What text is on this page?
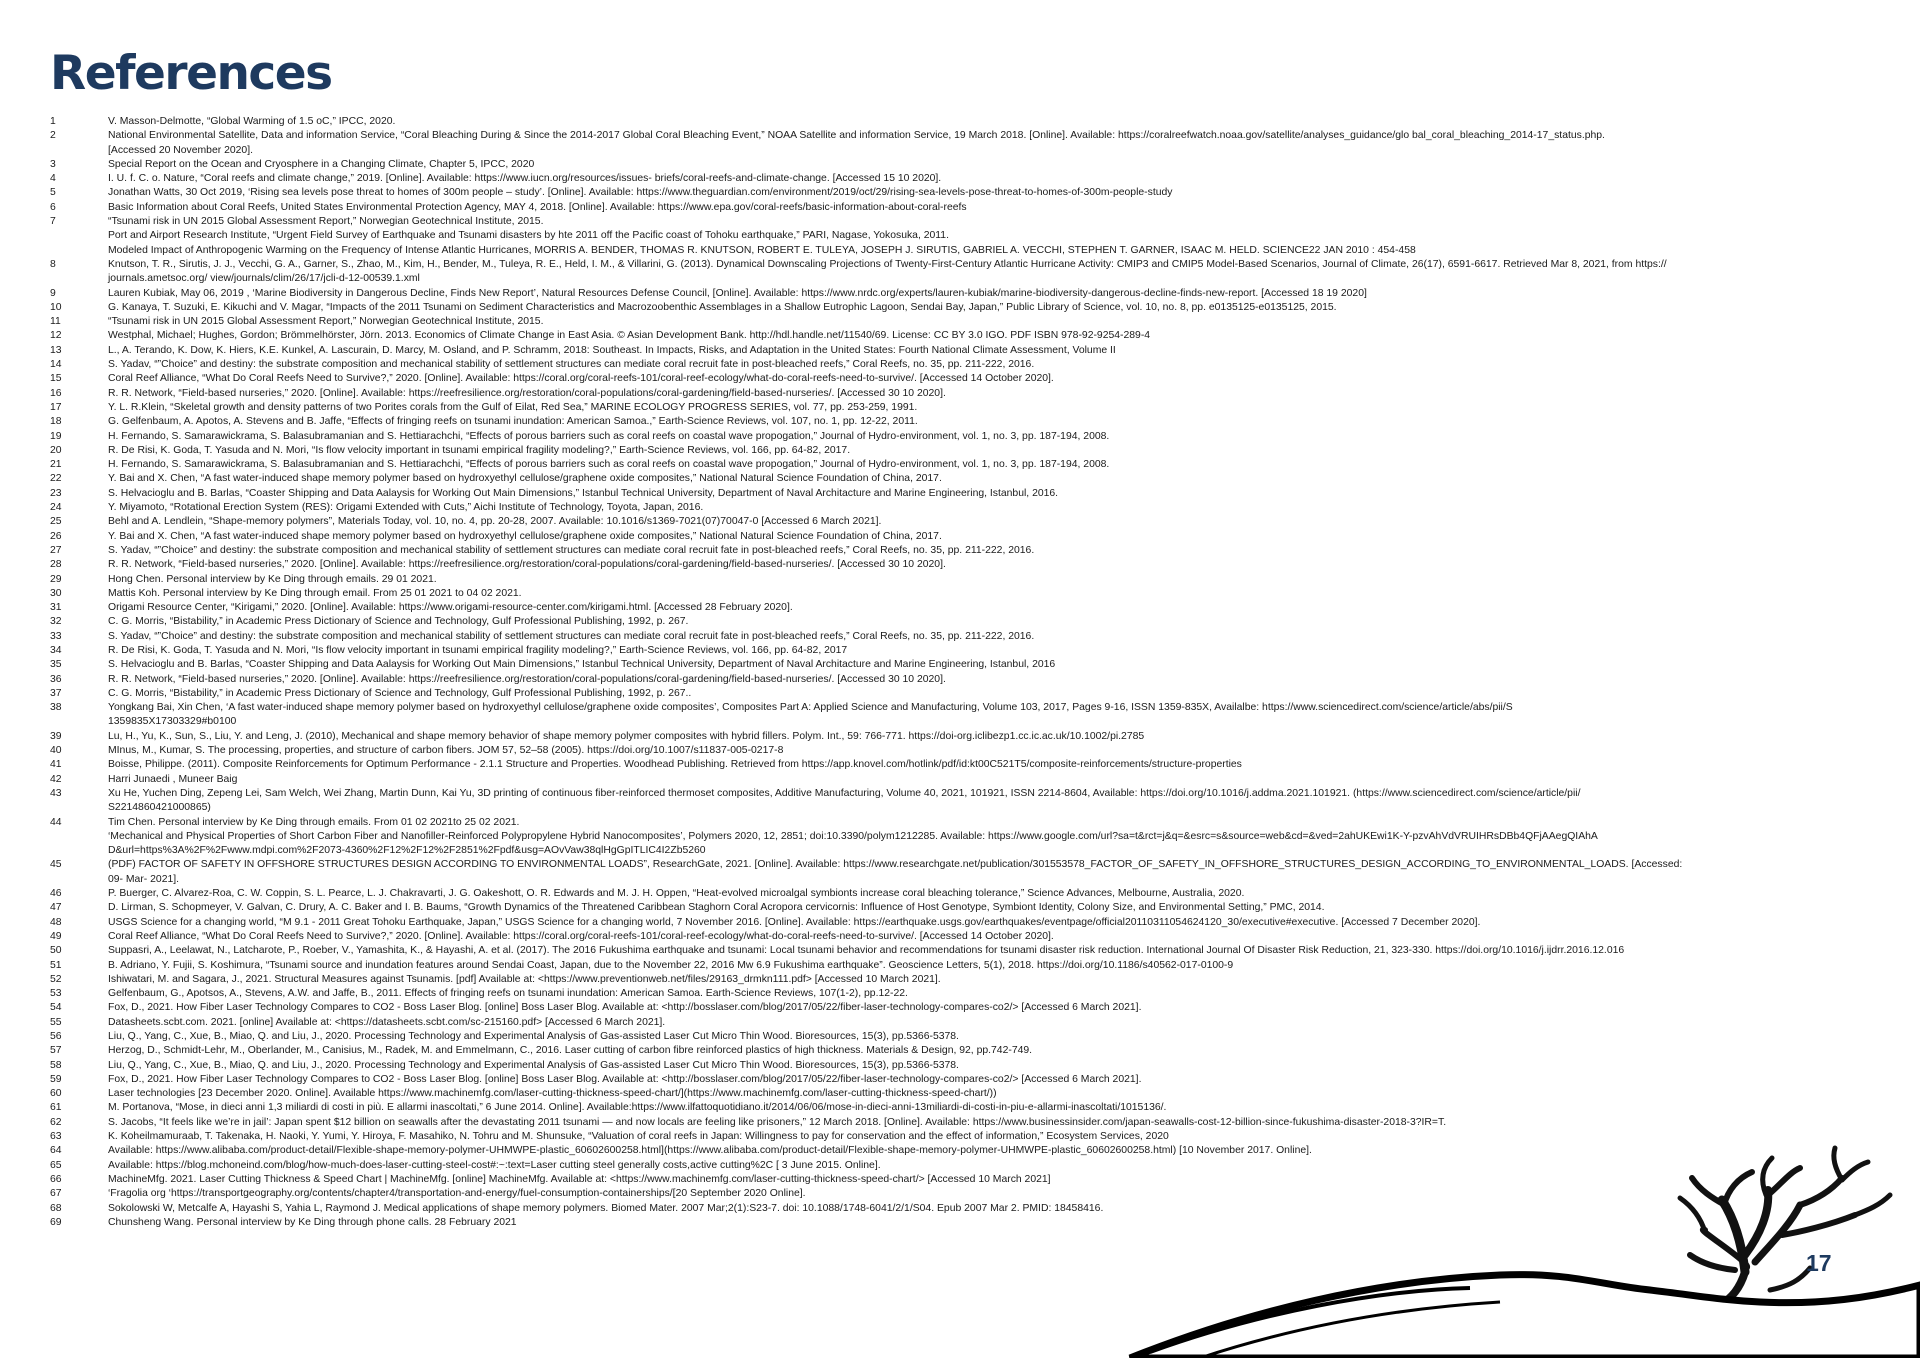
References
1	V. Masson-Delmotte, “Global Warming of 1.5 oC,” IPCC, 2020.
2	National Environmental Satellite, Data and information Service, “Coral Bleaching During & Since the 2014-2017 Global Coral Bleaching Event,” NOAA Satellite and information Service, 19 March 2018. [Online]. Available: https://coralreefwatch.noaa.gov/satellite/analyses_guidance/glo bal_coral_bleaching_2014-17_status.php.
[Accessed 20 November 2020].
3	Special Report on the Ocean and Cryosphere in a Changing Climate, Chapter 5, IPCC, 2020
4	I. U. f. C. o. Nature, “Coral reefs and climate change,” 2019. [Online]. Available: https://www.iucn.org/resources/issues- briefs/coral-reefs-and-climate-change. [Accessed 15 10 2020].
5	Jonathan Watts, 30 Oct 2019, ‘Rising sea levels pose threat to homes of 300m people – study’. [Online]. Available: https://www.theguardian.com/environment/2019/oct/29/rising-sea-levels-pose-threat-to-homes-of-300m-people-study
6	Basic Information about Coral Reefs, United States Environmental Protection Agency, MAY 4, 2018. [Online]. Available: https://www.epa.gov/coral-reefs/basic-information-about-coral-reefs
7	“Tsunami risk in UN 2015 Global Assessment Report,” Norwegian Geotechnical Institute, 2015.
Port and Airport Research Institute, “Urgent Field Survey of Earthquake and Tsunami disasters by hte 2011 off the Pacific coast of Tohoku earthquake,” PARI, Nagase, Yokosuka, 2011.
Modeled Impact of Anthropogenic Warming on the Frequency of Intense Atlantic Hurricanes, MORRIS A. BENDER, THOMAS R. KNUTSON, ROBERT E. TULEYA, JOSEPH J. SIRUTIS, GABRIEL A. VECCHI, STEPHEN T. GARNER, ISAAC M. HELD. SCIENCE22 JAN 2010 : 454-458
8	Knutson, T. R., Sirutis, J. J., Vecchi, G. A., Garner, S., Zhao, M., Kim, H., Bender, M., Tuleya, R. E., Held, I. M., & Villarini, G. (2013). Dynamical Downscaling Projections of Twenty-First-Century Atlantic Hurricane Activity: CMIP3 and CMIP5 Model-Based Scenarios, Journal of Climate, 26(17), 6591-6617. Retrieved Mar 8, 2021, from https://
journals.ametsoc.org/ view/journals/clim/26/17/jcli-d-12-00539.1.xml
9	Lauren Kubiak, May 06, 2019 , ‘Marine Biodiversity in Dangerous Decline, Finds New Report’, Natural Resources Defense Council, [Online]. Available: https://www.nrdc.org/experts/lauren-kubiak/marine-biodiversity-dangerous-decline-finds-new-report. [Accessed 18 19 2020]
10	G. Kanaya, T. Suzuki, E. Kikuchi and V. Magar, “Impacts of the 2011 Tsunami on Sediment Characteristics and Macrozoobenthic Assemblages in a Shallow Eutrophic Lagoon, Sendai Bay, Japan,” Public Library of Science, vol. 10, no. 8, pp. e0135125-e0135125, 2015.
11	“Tsunami risk in UN 2015 Global Assessment Report,” Norwegian Geotechnical Institute, 2015.
12	Westphal, Michael; Hughes, Gordon; Brömmelhörster, Jörn. 2013. Economics of Climate Change in East Asia. © Asian Development Bank. http://hdl.handle.net/11540/69. License: CC BY 3.0 IGO. PDF ISBN 978-92-9254-289-4
13	L., A. Terando, K. Dow, K. Hiers, K.E. Kunkel, A. Lascurain, D. Marcy, M. Osland, and P. Schramm, 2018: Southeast. In Impacts, Risks, and Adaptation in the United States: Fourth National Climate Assessment, Volume II
14	S. Yadav, “”Choice” and destiny: the substrate composition and mechanical stability of settlement structures can mediate coral recruit fate in post-bleached reefs,” Coral Reefs, no. 35, pp. 211-222, 2016.
15	Coral Reef Alliance, “What Do Coral Reefs Need to Survive?,” 2020. [Online]. Available: https://coral.org/coral-reefs-101/coral-reef-ecology/what-do-coral-reefs-need-to-survive/. [Accessed 14 October 2020].
16	R. R. Network, “Field-based nurseries,” 2020. [Online]. Available: https://reefresilience.org/restoration/coral-populations/coral-gardening/field-based-nurseries/. [Accessed 30 10 2020].
17	Y. L. R.Klein, “Skeletal growth and density patterns of two Porites corals from the Gulf of Eilat, Red Sea,” MARINE ECOLOGY PROGRESS SERIES, vol. 77, pp. 253-259, 1991.
18	G. Gelfenbaum, A. Apotos, A. Stevens and B. Jaffe, “Effects of fringing reefs on tsunami inundation: American Samoa.,” Earth-Science Reviews, vol. 107, no. 1, pp. 12-22, 2011.
19	H. Fernando, S. Samarawickrama, S. Balasubramanian and S. Hettiarachchi, “Effects of porous barriers such as coral reefs on coastal wave propogation,” Journal of Hydro-environment, vol. 1, no. 3, pp. 187-194, 2008.
20	R. De Risi, K. Goda, T. Yasuda and N. Mori, “Is flow velocity important in tsunami empirical fragility modeling?,” Earth-Science Reviews, vol. 166, pp. 64-82, 2017.
21	H. Fernando, S. Samarawickrama, S. Balasubramanian and S. Hettiarachchi, “Effects of porous barriers such as coral reefs on coastal wave propogation,” Journal of Hydro-environment, vol. 1, no. 3, pp. 187-194, 2008.
22	Y. Bai and X. Chen, “A fast water-induced shape memory polymer based on hydroxyethyl cellulose/graphene oxide composites,” National Natural Science Foundation of China, 2017.
23	S. Helvacioglu and B. Barlas, “Coaster Shipping and Data Aalaysis for Working Out Main Dimensions,” Istanbul Technical University, Department of Naval Architacture and Marine Engineering, Istanbul, 2016.
24	Y. Miyamoto, “Rotational Erection System (RES): Origami Extended with Cuts,” Aichi Institute of Technology, Toyota, Japan, 2016.
25	Behl and A. Lendlein, “Shape-memory polymers”, Materials Today, vol. 10, no. 4, pp. 20-28, 2007. Available: 10.1016/s1369-7021(07)70047-0 [Accessed 6 March 2021].
26	Y. Bai and X. Chen, “A fast water-induced shape memory polymer based on hydroxyethyl cellulose/graphene oxide composites,” National Natural Science Foundation of China, 2017.
27	S. Yadav, “”Choice” and destiny: the substrate composition and mechanical stability of settlement structures can mediate coral recruit fate in post-bleached reefs,” Coral Reefs, no. 35, pp. 211-222, 2016.
28	R. R. Network, “Field-based nurseries,” 2020. [Online]. Available: https://reefresilience.org/restoration/coral-populations/coral-gardening/field-based-nurseries/. [Accessed 30 10 2020].
29	Hong Chen. Personal interview by Ke Ding through emails. 29 01 2021.
30	Mattis Koh. Personal interview by Ke Ding through email. From 25 01 2021 to 04 02 2021.
31	Origami Resource Center, “Kirigami,” 2020. [Online]. Available: https://www.origami-resource-center.com/kirigami.html. [Accessed 28 February 2020].
32	C. G. Morris, “Bistability,” in Academic Press Dictionary of Science and Technology, Gulf Professional Publishing, 1992, p. 267.
33	S. Yadav, “”Choice” and destiny: the substrate composition and mechanical stability of settlement structures can mediate coral recruit fate in post-bleached reefs,” Coral Reefs, no. 35, pp. 211-222, 2016.
34	R. De Risi, K. Goda, T. Yasuda and N. Mori, “Is flow velocity important in tsunami empirical fragility modeling?,” Earth-Science Reviews, vol. 166, pp. 64-82, 2017
35	S. Helvacioglu and B. Barlas, “Coaster Shipping and Data Aalaysis for Working Out Main Dimensions,” Istanbul Technical University, Department of Naval Architacture and Marine Engineering, Istanbul, 2016
36	R. R. Network, “Field-based nurseries,” 2020. [Online]. Available: https://reefresilience.org/restoration/coral-populations/coral-gardening/field-based-nurseries/. [Accessed 30 10 2020].
37	C. G. Morris, “Bistability,” in Academic Press Dictionary of Science and Technology, Gulf Professional Publishing, 1992, p. 267..
38	Yongkang Bai, Xin Chen, ‘A fast water-induced shape memory polymer based on hydroxyethyl cellulose/graphene oxide composites’, Composites Part A: Applied Science and Manufacturing, Volume 103, 2017, Pages 9-16, ISSN 1359-835X, Availalbe: https://www.sciencedirect.com/science/article/abs/pii/S
1359835X17303329#b0100
39	Lu, H., Yu, K., Sun, S., Liu, Y. and Leng, J. (2010), Mechanical and shape memory behavior of shape memory polymer composites with hybrid fillers. Polym. Int., 59: 766-771. https://doi-org.iclibezp1.cc.ic.ac.uk/10.1002/pi.2785
40	MInus, M., Kumar, S. The processing, properties, and structure of carbon fibers. JOM 57, 52–58 (2005). https://doi.org/10.1007/s11837-005-0217-8
41	Boisse, Philippe. (2011). Composite Reinforcements for Optimum Performance - 2.1.1 Structure and Properties. Woodhead Publishing. Retrieved from https://app.knovel.com/hotlink/pdf/id:kt00C521T5/composite-reinforcements/structure-properties
42	Harri Junaedi , Muneer Baig
43	Xu He, Yuchen Ding, Zepeng Lei, Sam Welch, Wei Zhang, Martin Dunn, Kai Yu, 3D printing of continuous fiber-reinforced thermoset composites, Additive Manufacturing, Volume 40, 2021, 101921, ISSN 2214-8604, Available: https://doi.org/10.1016/j.addma.2021.101921. (https://www.sciencedirect.com/science/article/pii/
S2214860421000865)
44	Tim Chen. Personal interview by Ke Ding through emails. From 01 02 2021to 25 02 2021.
‘Mechanical and Physical Properties of Short Carbon Fiber and Nanofiller-Reinforced Polypropylene Hybrid Nanocomposites’, Polymers 2020, 12, 2851; doi:10.3390/polym1212285. Available: https://www.google.com/url?sa=t&rct=j&q=&esrc=s&source=web&cd=&ved=2ahUKEwi1K-Y-pzvAhVdVRUIHRsDBb4QFjAAegQIAhA
D&url=https%3A%2F%2Fwww.mdpi.com%2F2073-4360%2F12%2F12%2F2851%2Fpdf&usg=AOvVaw38qlHgGpITLIC4I2Zb5260
45	(PDF) FACTOR OF SAFETY IN OFFSHORE STRUCTURES DESIGN ACCORDING TO ENVIRONMENTAL LOADS”, ResearchGate, 2021. [Online]. Available: https://www.researchgate.net/publication/301553578_FACTOR_OF_SAFETY_IN_OFFSHORE_STRUCTURES_DESIGN_ACCORDING_TO_ENVIRONMENTAL_LOADS. [Accessed:
09- Mar- 2021].
46	P. Buerger, C. Alvarez-Roa, C. W. Coppin, S. L. Pearce, L. J. Chakravarti, J. G. Oakeshott, O. R. Edwards and M. J. H. Oppen, “Heat-evolved microalgal symbionts increase coral bleaching tolerance,” Science Advances, Melbourne, Australia, 2020.
47	D. Lirman, S. Schopmeyer, V. Galvan, C. Drury, A. C. Baker and I. B. Baums, “Growth Dynamics of the Threatened Caribbean Staghorn Coral Acropora cervicornis: Influence of Host Genotype, Symbiont Identity, Colony Size, and Environmental Setting,” PMC, 2014.
48	USGS Science for a changing world, “M 9.1 - 2011 Great Tohoku Earthquake, Japan,” USGS Science for a changing world, 7 November 2016. [Online]. Available: https://earthquake.usgs.gov/earthquakes/eventpage/official20110311054624120_30/executive#executive. [Accessed 7 December 2020].
49	Coral Reef Alliance, “What Do Coral Reefs Need to Survive?,” 2020. [Online]. Available: https://coral.org/coral-reefs-101/coral-reef-ecology/what-do-coral-reefs-need-to-survive/. [Accessed 14 October 2020].
50	Suppasri, A., Leelawat, N., Latcharote, P., Roeber, V., Yamashita, K., & Hayashi, A. et al. (2017). The 2016 Fukushima earthquake and tsunami: Local tsunami behavior and recommendations for tsunami disaster risk reduction. International Journal Of Disaster Risk Reduction, 21, 323-330. https://doi.org/10.1016/j.ijdrr.2016.12.016
51	B. Adriano, Y. Fujii, S. Koshimura, “Tsunami source and inundation features around Sendai Coast, Japan, due to the November 22, 2016 Mw 6.9 Fukushima earthquake”. Geoscience Letters, 5(1), 2018. https://doi.org/10.1186/s40562-017-0100-9
52	Ishiwatari, M. and Sagara, J., 2021. Structural Measures against Tsunamis. [pdf] Available at: <https://www.preventionweb.net/files/29163_drmkn111.pdf> [Accessed 10 March 2021].
53	Gelfenbaum, G., Apotsos, A., Stevens, A.W. and Jaffe, B., 2011. Effects of fringing reefs on tsunami inundation: American Samoa. Earth-Science Reviews, 107(1-2), pp.12-22.
54	Fox, D., 2021. How Fiber Laser Technology Compares to CO2 - Boss Laser Blog. [online] Boss Laser Blog. Available at: <http://bosslaser.com/blog/2017/05/22/fiber-laser-technology-compares-co2/> [Accessed 6 March 2021].
55	Datasheets.scbt.com. 2021. [online] Available at: <https://datasheets.scbt.com/sc-215160.pdf> [Accessed 6 March 2021].
56	Liu, Q., Yang, C., Xue, B., Miao, Q. and Liu, J., 2020. Processing Technology and Experimental Analysis of Gas-assisted Laser Cut Micro Thin Wood. Bioresources, 15(3), pp.5366-5378.
57	Herzog, D., Schmidt-Lehr, M., Oberlander, M., Canisius, M., Radek, M. and Emmelmann, C., 2016. Laser cutting of carbon fibre reinforced plastics of high thickness. Materials & Design, 92, pp.742-749.
58	Liu, Q., Yang, C., Xue, B., Miao, Q. and Liu, J., 2020. Processing Technology and Experimental Analysis of Gas-assisted Laser Cut Micro Thin Wood. Bioresources, 15(3), pp.5366-5378.
59	Fox, D., 2021. How Fiber Laser Technology Compares to CO2 - Boss Laser Blog. [online] Boss Laser Blog. Available at: <http://bosslaser.com/blog/2017/05/22/fiber-laser-technology-compares-co2/> [Accessed 6 March 2021].
60	Laser technologies [23 December 2020. Online]. Available https://www.machinemfg.com/laser-cutting-thickness-speed-chart/](https://www.machinemfg.com/laser-cutting-thickness-speed-chart/))
61	M. Portanova, “Mose, in dieci anni 1,3 miliardi di costi in più. E allarmi inascoltati,” 6 June 2014. Online]. Available:https://www.ilfattoquotidiano.it/2014/06/06/mose-in-dieci-anni-13miliardi-di-costi-in-piu-e-allarmi-inascoltati/1015136/.
62	S. Jacobs, “It feels like we’re in jail’: Japan spent $12 billion on seawalls after the devastating 2011 tsunami — and now locals are feeling like prisoners,” 12 March 2018. [Online]. Available: https://www.businessinsider.com/japan-seawalls-cost-12-billion-since-fukushima-disaster-2018-3?IR=T.
63	K. Koheilmamuraab, T. Takenaka, H. Naoki, Y. Yumi, Y. Hiroya, F. Masahiko, N. Tohru and M. Shunsuke, “Valuation of coral reefs in Japan: Willingness to pay for conservation and the effect of information,” Ecosystem Services, 2020
64	Available: https://www.alibaba.com/product-detail/Flexible-shape-memory-polymer-UHMWPE-plastic_60602600258.html](https://www.alibaba.com/product-detail/Flexible-shape-memory-polymer-UHMWPE-plastic_60602600258.html) [10 November 2017. Online].
65	Available: https://blog.mchoneind.com/blog/how-much-does-laser-cutting-steel-cost#:~:text=Laser cutting steel generally costs,active cutting%2C [ 3 June 2015. Online].
66	MachineMfg. 2021. Laser Cutting Thickness & Speed Chart | MachineMfg. [online] MachineMfg. Available at: <https://www.machinemfg.com/laser-cutting-thickness-speed-chart/> [Accessed 10 March 2021]
67	‘Fragolia org ‘https://transportgeography.org/contents/chapter4/transportation-and-energy/fuel-consumption-containerships/[20 September 2020 Online].
68	Sokolowski W, Metcalfe A, Hayashi S, Yahia L, Raymond J. Medical applications of shape memory polymers. Biomed Mater. 2007 Mar;2(1):S23-7. doi: 10.1088/1748-6041/2/1/S04. Epub 2007 Mar 2. PMID: 18458416.
69	Chunsheng Wang. Personal interview by Ke Ding through phone calls. 28 February 2021
17
